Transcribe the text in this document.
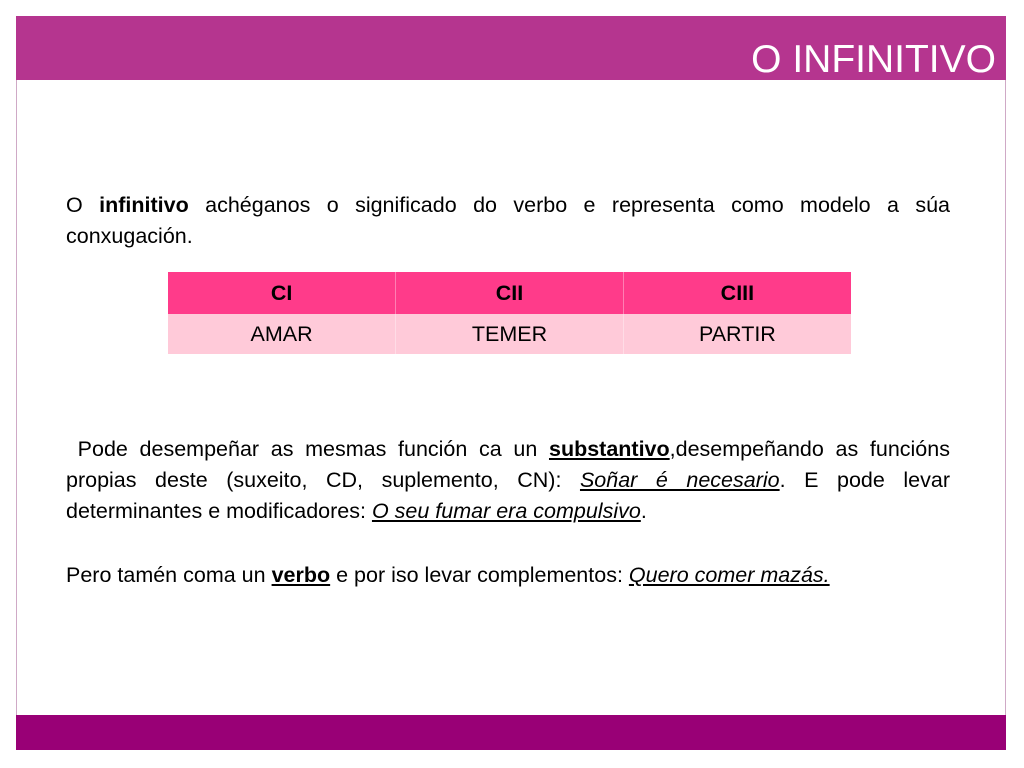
O INFINITIVO

O infinitivo achéganos o significado do verbo e representa como modelo a súa conxugación.

CI	CII	CIII
AMAR	TEMER	PARTIR

Pode desempeñar as mesmas función ca un substantivo,desempeñando as funcións propias deste (suxeito, CD, suplemento, CN): Soñar é necesario. E pode levar determinantes e modificadores: O seu fumar era compulsivo.

Pero tamén coma un verbo e por iso levar complementos: Quero comer mazás.
